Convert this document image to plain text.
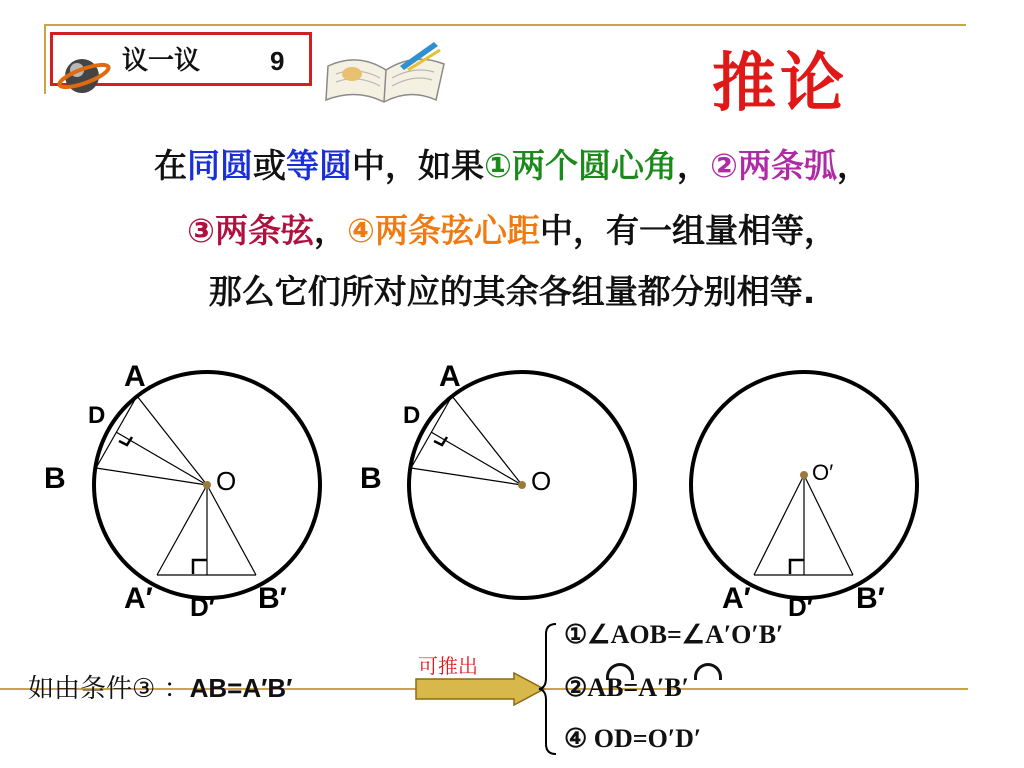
议一议	9	推论
在同圆或等圆中，如果①两个圆心角，②两条弧，
③两条弦，④两条弦心距中，有一组量相等，
那么它们所对应的其余各组量都分别相等.
A
D
B	O
A′ D′ B′
A
D
B	O	O′
A′ D′ B′
如由条件③ ：AB=A′B′
可推出
①∠AOB=∠A′O′B′
②AB=A′B′
④ OD=O′D′
